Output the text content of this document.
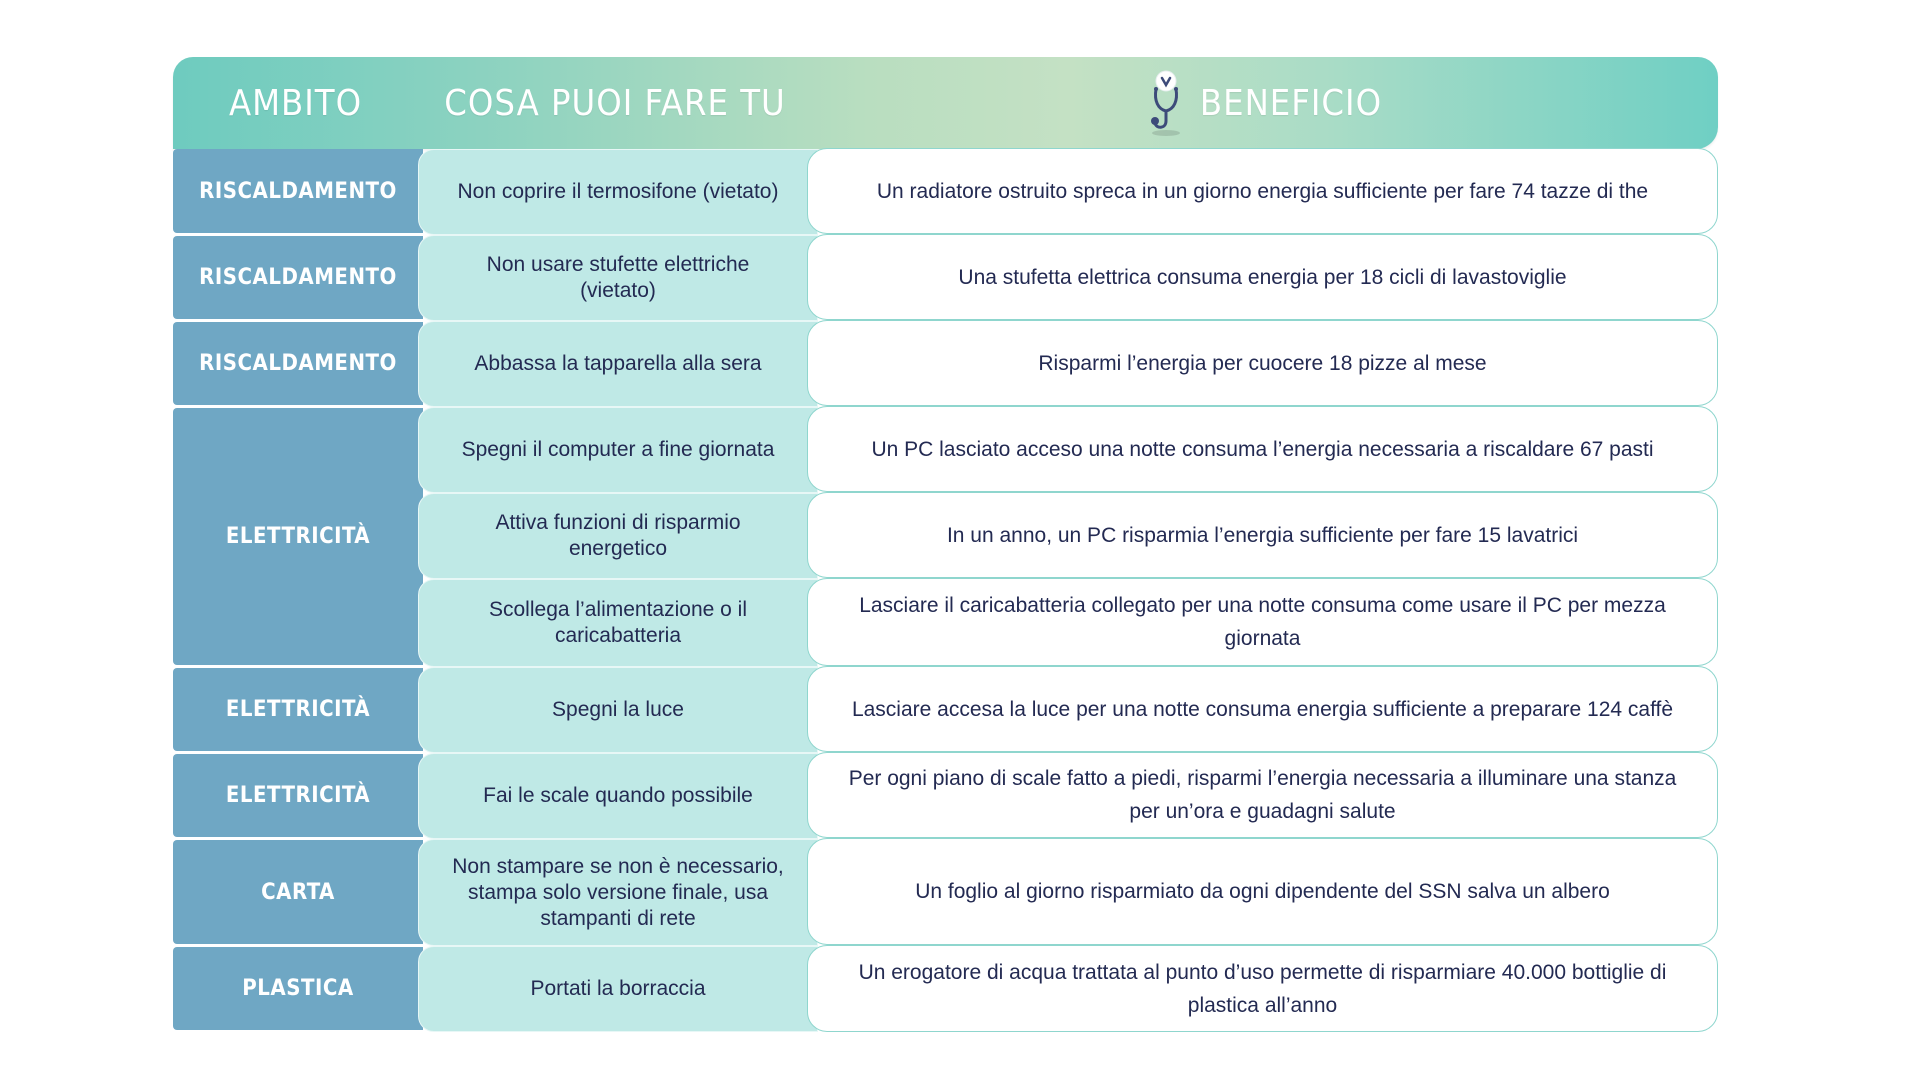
AMBITO	COSA PUOI FARE TU	BENEFICIO
RISCALDAMENTO
RISCALDAMENTO
RISCALDAMENTO
ELETTRICITÀ
ELETTRICITÀ
ELETTRICITÀ
CARTA
PLASTICA
Non coprire il termosifone (vietato)
Non usare stufette elettriche (vietato)
Abbassa la tapparella alla sera
Spegni il computer a fine giornata
Attiva funzioni di risparmio energetico
Scollega l’alimentazione o il caricabatteria
Spegni la luce
Fai le scale quando possibile
Non stampare se non è necessario, stampa solo versione finale, usa stampanti di rete
Portati la borraccia
Un radiatore ostruito spreca in un giorno energia sufficiente per fare 74 tazze di the
Una stufetta elettrica consuma energia per 18 cicli di lavastoviglie
Risparmi l’energia per cuocere 18 pizze al mese
Un PC lasciato acceso una notte consuma l’energia necessaria a riscaldare 67 pasti
In un anno, un PC risparmia l’energia sufficiente per fare 15 lavatrici
Lasciare il caricabatteria collegato per una notte consuma come usare il PC per mezza giornata
Lasciare accesa la luce per una notte consuma energia sufficiente a preparare 124 caffè
Per ogni piano di scale fatto a piedi, risparmi l’energia necessaria a illuminare una stanza per un’ora e guadagni salute
Un foglio al giorno risparmiato da ogni dipendente del SSN salva un albero
Un erogatore di acqua trattata al punto d’uso permette di risparmiare 40.000 bottiglie di plastica all’anno
